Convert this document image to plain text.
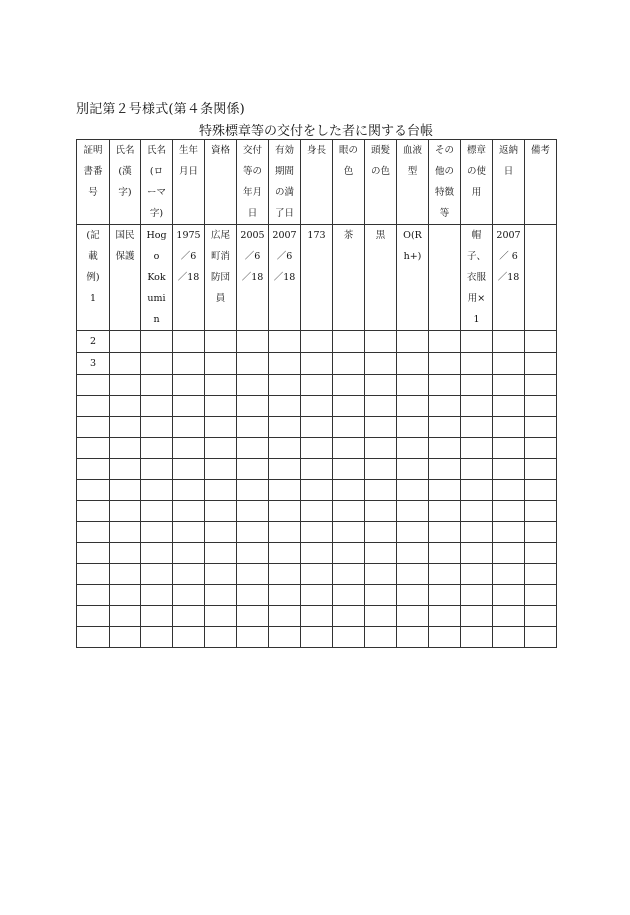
別記第２号様式(第４条関係)
特殊標章等の交付をした者に関する台帳
証明
書番
号	氏名
(漢
字)	氏名
(ロ
ーマ
字)	生年
月日	資格	交付
等の
年月
日	有効
期間
の満
了日	身長	眼の
色	頭髪
の色	血液
型	その
他の
特徴
等	標章
の使
用	返納
日	備考

(記
載
例)
1	国民
保護	Hog
o
Kok
umi
n	1975
／6
／18	広尾
町消
防団
員	2005
／6
／18	2007
／6
／18	173	茶	黒	O(R
h+)		帽
子、
衣服
用×
1	2007
／ 6
／18	

2														
3														
